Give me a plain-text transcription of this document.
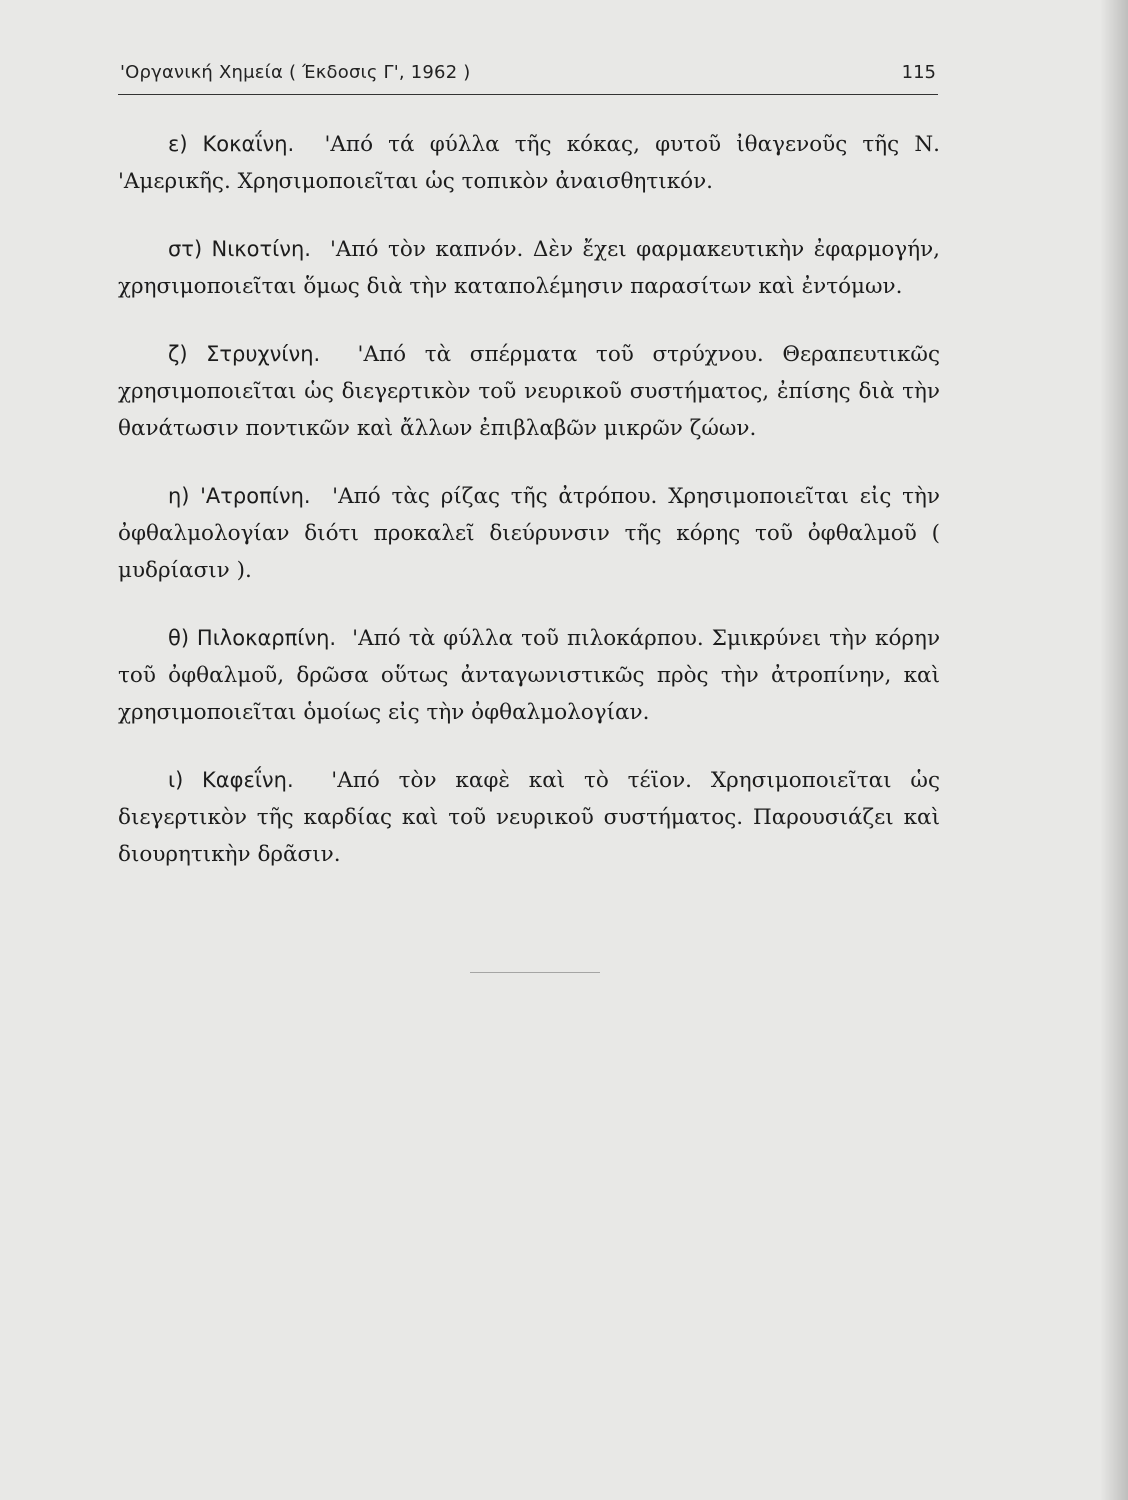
'Οργανική Χημεία ( Έκδοσις Γ', 1962 )	115

ε) Κοκαΐνη. 'Από τά φύλλα τῆς κόκας, φυτοῦ ἰθαγενοῦς τῆς Ν. 'Αμερικῆς. Χρησιμοποιεῖται ὡς τοπικὸν ἀναισθητικόν.

στ) Νικοτίνη. 'Από τὸν καπνόν. Δὲν ἔχει φαρμακευτικὴν ἐφαρμογήν, χρησιμοποιεῖται ὅμως διὰ τὴν καταπολέμησιν παρασίτων καὶ ἐντόμων.

ζ) Στρυχνίνη. 'Από τὰ σπέρματα τοῦ στρύχνου. Θεραπευτικῶς χρησιμοποιεῖται ὡς διεγερτικὸν τοῦ νευρικοῦ συστήματος, ἐπίσης διὰ τὴν θανάτωσιν ποντικῶν καὶ ἄλλων ἐπιβλαβῶν μικρῶν ζώων.

η) 'Ατροπίνη. 'Από τὰς ρίζας τῆς ἀτρόπου. Χρησιμοποιεῖται εἰς τὴν ὀφθαλμολογίαν διότι προκαλεῖ διεύρυνσιν τῆς κόρης τοῦ ὀφθαλμοῦ ( μυδρίασιν ).

θ) Πιλοκαρπίνη. 'Από τὰ φύλλα τοῦ πιλοκάρπου. Σμικρύνει τὴν κόρην τοῦ ὀφθαλμοῦ, δρῶσα οὕτως ἀνταγωνιστικῶς πρὸς τὴν ἀτροπίνην, καὶ χρησιμοποιεῖται ὁμοίως εἰς τὴν ὀφθαλμολογίαν.

ι) Καφεΐνη. 'Από τὸν καφὲ καὶ τὸ τέϊον. Χρησιμοποιεῖται ὡς διεγερτικὸν τῆς καρδίας καὶ τοῦ νευρικοῦ συστήματος. Παρουσιάζει καὶ διουρητικὴν δρᾶσιν.
